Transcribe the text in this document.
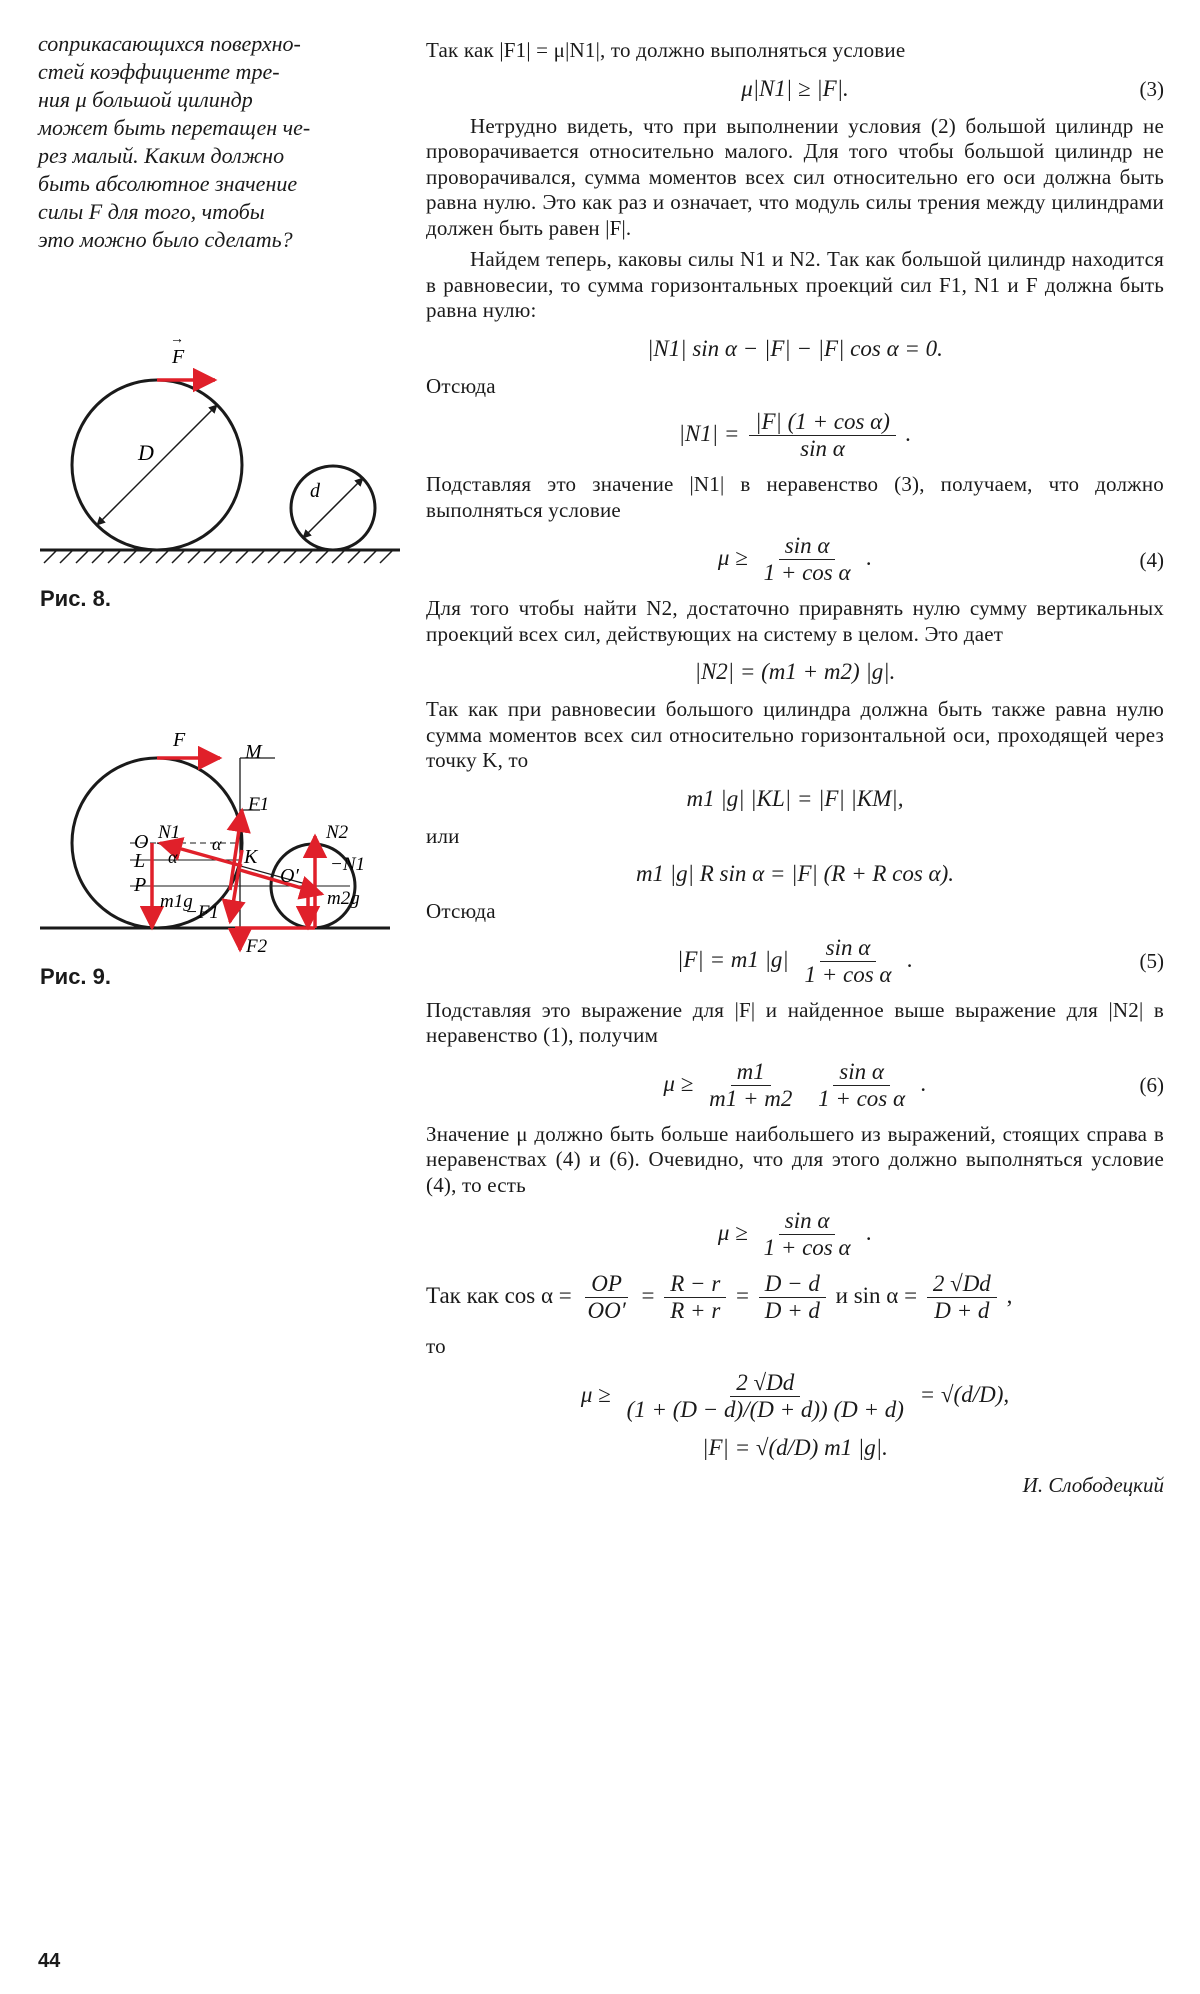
соприкасающихся поверхно-
стей коэффициенте тре-
ния μ большой цилиндр
может быть перетащен че-
рез малый. Каким должно
быть абсолютное значение
силы F для того, чтобы
это можно было сделать?

F
→
D
d
Рис. 8.
F
M
F1
O N1
L α
α
K
P
m1g
N2
−N1
O′
m2g
−F1
F2
Рис. 9.

Так как |F1| = μ|N1|, то должно выполняться условие

μ|N1| ≥ |F|.	(3)

Нетрудно видеть, что при выполнении условия (2) большой цилиндр не проворачивается относительно малого. Для того чтобы большой цилиндр не проворачивался, сумма моментов всех сил относительно его оси должна быть равна нулю. Это как раз и означает, что модуль силы трения между цилиндрами должен быть равен |F|.

Найдем теперь, каковы силы N1 и N2. Так как большой цилиндр находится в равновесии, то сумма горизонтальных проекций сил F1, N1 и F должна быть равна нулю:

|N1| sin α − |F| − |F| cos α = 0.

Отсюда

$|N1| = \frac{\text{|F| (1 + cos α)}}{\text{sin α}}$ .

Подставляя это значение |N1| в неравенство (3), получаем, что должно выполняться условие

$\mu \ge \frac{\text{sin α}}{\text{1 + cos α}}$ .	(4)

Для того чтобы найти N2, достаточно приравнять нулю сумму вертикальных проекций всех сил, действующих на систему в целом. Это дает

|N2| = (m1 + m2) |g|.

Так как при равновесии большого цилиндра должна быть также равна нулю сумма моментов всех сил относительно горизонтальной оси, проходящей через точку K, то

m1 |g| |KL| = |F| |KM|,

или

m1 |g| R sin α = |F| (R + R cos α).

Отсюда

|F| = m1 $|g| \frac{\text{sin α}}{\text{1 + cos α}}$ .	(5)

Подставляя это выражение для |F| и найденное выше выражение для |N2| в неравенство (1), получим

$\mu \ge \frac{m1}{m1 + m2}$
$\frac{\text{sin α}}{\text{1 + cos α}}$ .	(6)

Значение μ должно быть больше наибольшего из выражений, стоящих справа в неравенствах (4) и (6). Очевидно, что для этого должно выполняться условие (4), то есть

$\mu \ge \frac{\text{sin α}}{\text{1 + cos α}}$ .
Так как $\cos \alpha = \frac{OP}{OO'} = \frac{R - r}{R + r} = \frac{D - d}{D + d}$ и $\sin \alpha = \frac{2 √Dd}{D + d}$ ,

то

$\mu \ge \frac{2 √Dd}{(1 + (D - d)/(D + d)) (D + d)} = √(d/D)$,
|F| = √(d/D) m1 |g|.
И. Слободецкий
44
